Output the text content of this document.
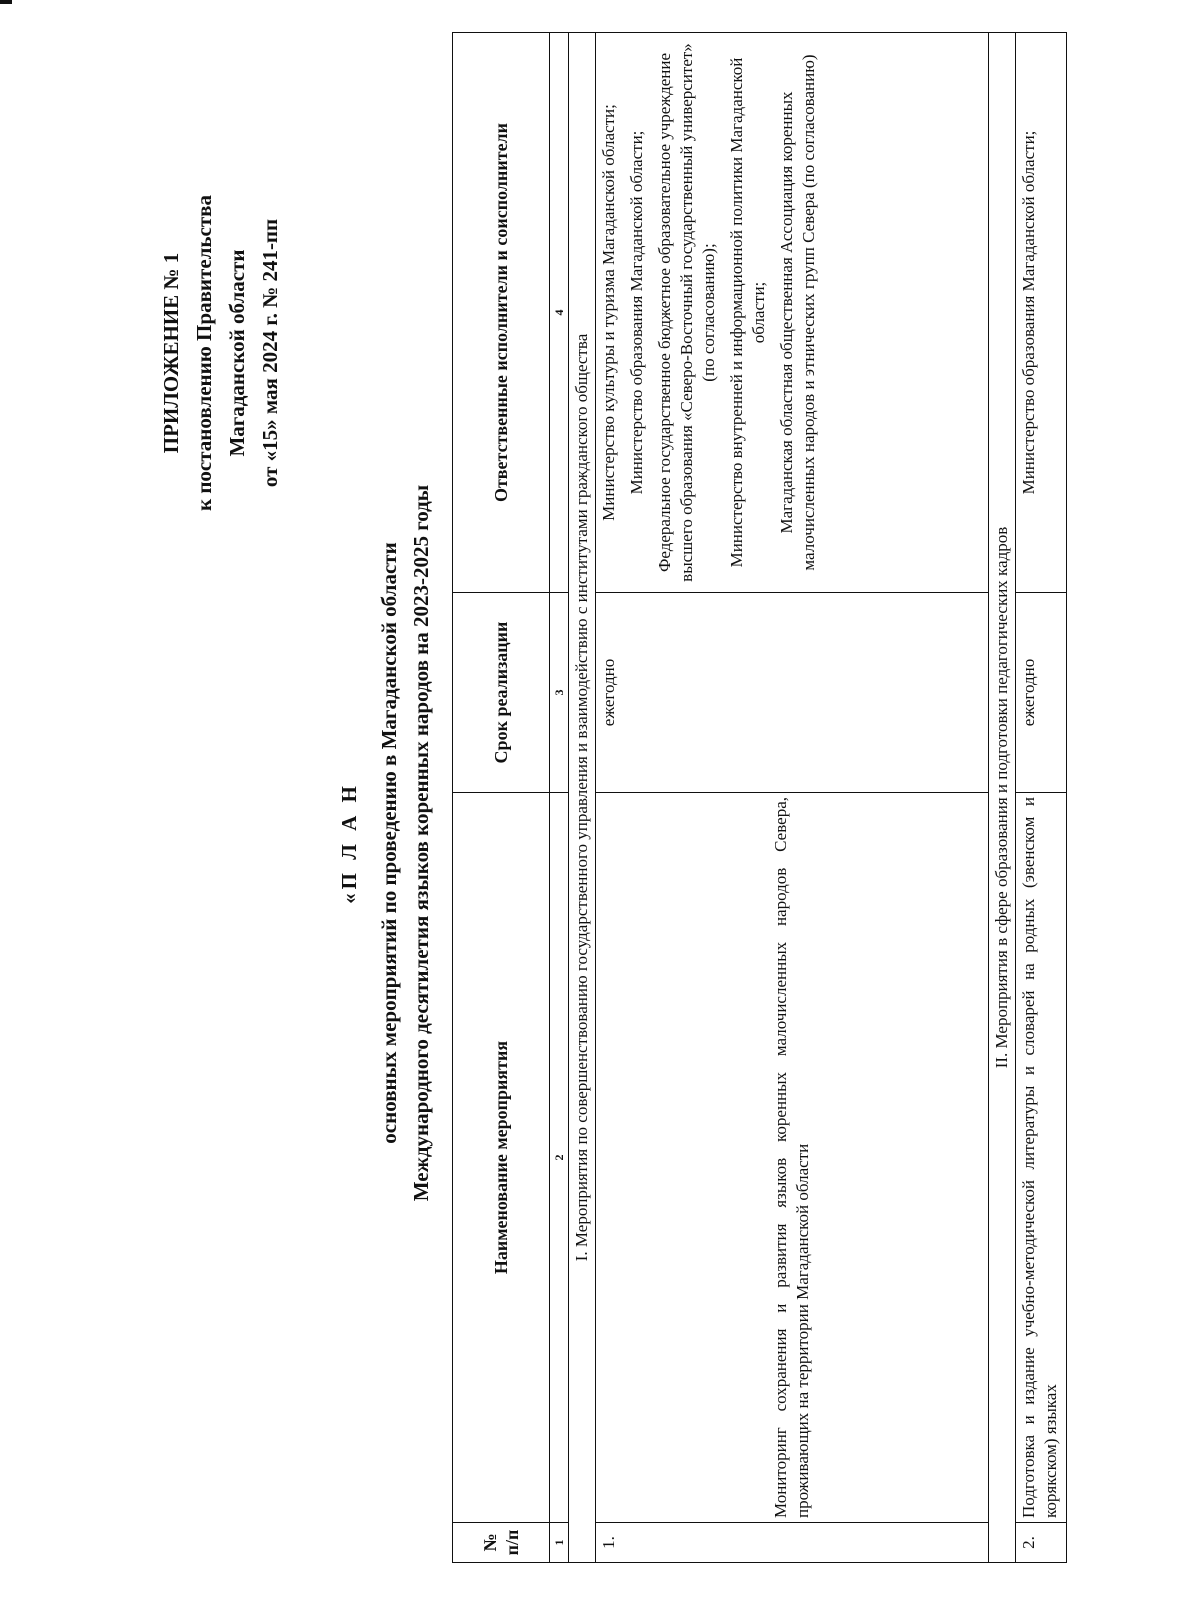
ПРИЛОЖЕНИЕ № 1 к постановлению Правительства Магаданской области от «15» мая 2024 г. № 241-пп
«П Л А Н основных мероприятий по проведению в Магаданской области Международного десятилетия языков коренных народов на 2023-2025 годы
№ п/п	Наименование мероприятия	Срок реализации	Ответственные исполнители и соисполнители
1	2	3	4
I. Мероприятия по совершенствованию государственного управления и взаимодействию с институтами гражданского общества			
1.	Мониторинг сохранения и развития языков коренных малочисленных народов Севера, проживающих на территории Магаданской области	ежегодно	Министерство культуры и туризма Магаданской области; Министерство образования Магаданской области; Федеральное государственное бюджетное образовательное учреждение высшего образования «Северо-Восточный государственный университет» (по согласованию); Министерство внутренней и информационной политики Магаданской области; Магаданская областная общественная Ассоциация коренных малочисленных народов и этнических групп Севера (по согласованию)

II. Мероприятия в сфере образования и подготовки педагогических кадров			
2.	Подготовка и издание учебно-методической литературы и словарей на родных (эвенском и корякском) языках	ежегодно	Министерство образования Магаданской области;
